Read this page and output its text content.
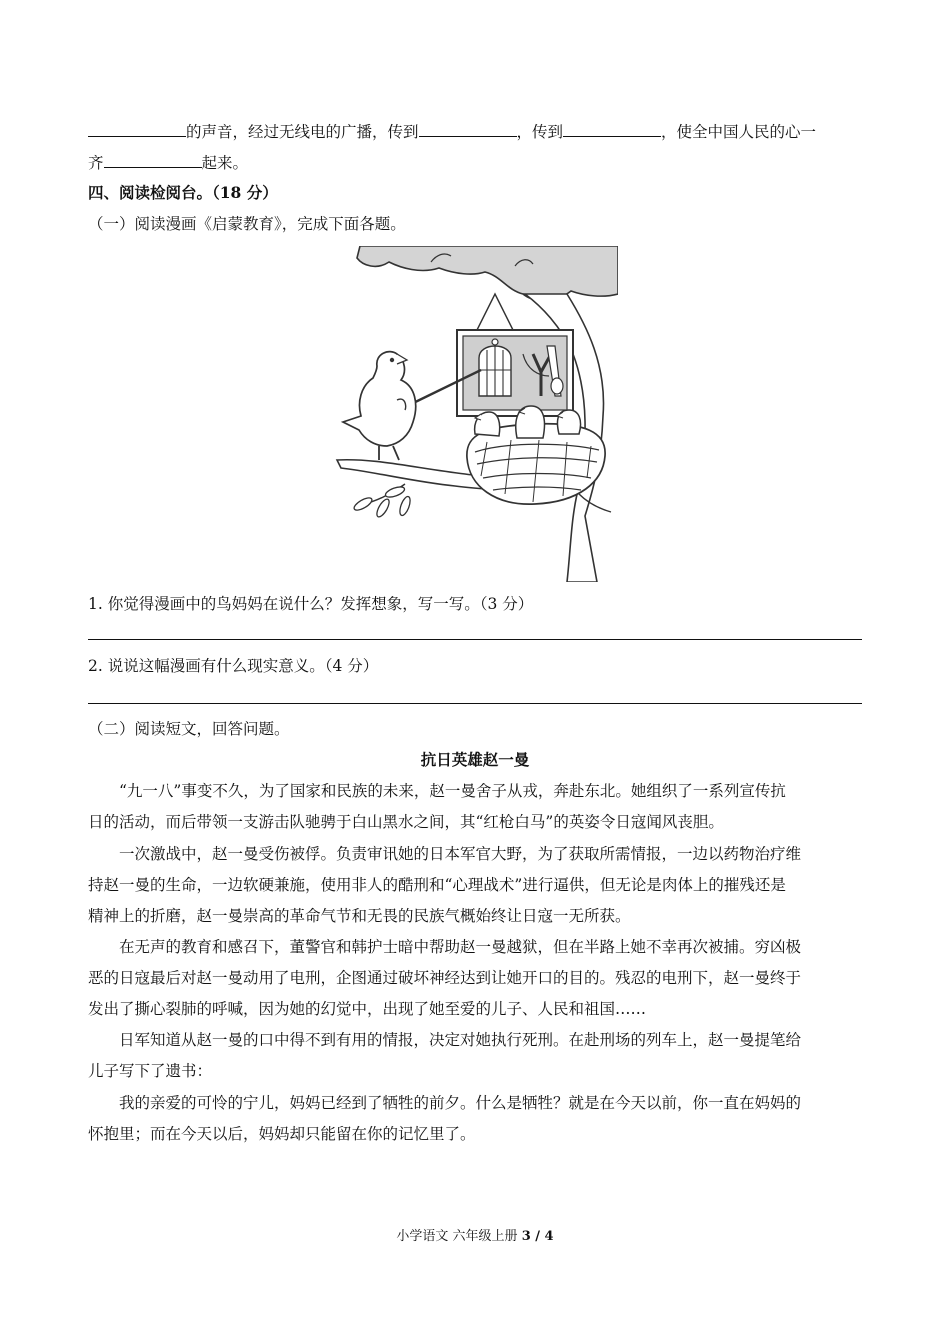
的声音，经过无线电的广播，传到	，传到	，使全中国人民的心一
齐	起来。
四、阅读检阅台。（18 分）
（一）阅读漫画《启蒙教育》，完成下面各题。
1. 你觉得漫画中的鸟妈妈在说什么？发挥想象，写一写。（3 分）
2. 说说这幅漫画有什么现实意义。（4 分）
（二）阅读短文，回答问题。
抗日英雄赵一曼
“九一八”事变不久，为了国家和民族的未来，赵一曼舍子从戎，奔赴东北。她组织了一系列宣传抗
日的活动，而后带领一支游击队驰骋于白山黑水之间，其“红枪白马”的英姿令日寇闻风丧胆。
一次激战中，赵一曼受伤被俘。负责审讯她的日本军官大野，为了获取所需情报，一边以药物治疗维
持赵一曼的生命，一边软硬兼施，使用非人的酷刑和“心理战术”进行逼供，但无论是肉体上的摧残还是
精神上的折磨，赵一曼崇高的革命气节和无畏的民族气概始终让日寇一无所获。
在无声的教育和感召下，董警官和韩护士暗中帮助赵一曼越狱，但在半路上她不幸再次被捕。穷凶极
恶的日寇最后对赵一曼动用了电刑，企图通过破坏神经达到让她开口的目的。残忍的电刑下，赵一曼终于
发出了撕心裂肺的呼喊，因为她的幻觉中，出现了她至爱的儿子、人民和祖国……
日军知道从赵一曼的口中得不到有用的情报，决定对她执行死刑。在赴刑场的列车上，赵一曼提笔给
儿子写下了遗书：
我的亲爱的可怜的宁儿，妈妈已经到了牺牲的前夕。什么是牺牲？就是在今天以前，你一直在妈妈的
怀抱里；而在今天以后，妈妈却只能留在你的记忆里了。
小学语文 六年级上册 3 / 4
